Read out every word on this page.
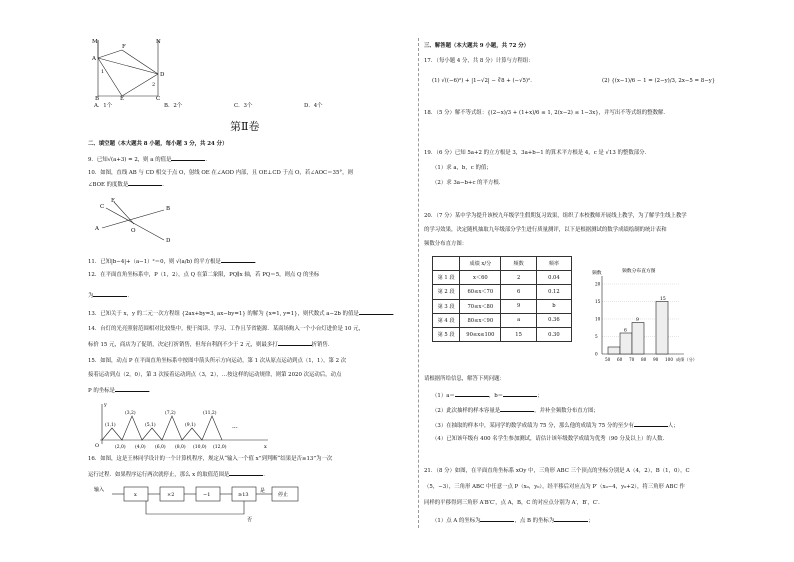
M	N
A
F
D
1
2
B	E	C
A．1个	B．2个	C．3个	D．4个
第Ⅱ卷
二、填空题（本大题共 8 小题，每小题 3 分，共 24 分）
9．已知√(a+3) = 2，则 a 的值是	．
10．如图，直线 AB 与 CD 相交于点 O，射线 OE 在∠AOD 内部，且 OE⊥CD 于点 O，若∠AOC＝35°，则
∠BOE 的度数是	．
E
B
A	O
C
D
11．已知|b−4|+（a−1）²＝0，则 √(a/b) 的平方根是	．
12．在平面直角坐标系中，P（1，2），点 Q 在第二象限，PQ∥x 轴，若 PQ＝5，则点 Q 的坐标
为	．
13．已知关于 x，y 的二元一次方程组 {2ax+by=3, ax−by=1} 的解为 {x=1, y=1}，则代数式 a−2b 的值是	．
14．台灯的光亮照射范围相对比较集中，便于阅读、学习、工作且节省能源．某商场购入一个小台灯进价是 10 元，
标价 15 元，商店为了促销，决定打折销售，但每台利润不少于 2 元，则最多打	折销售．
15．如图，动点 P 在平面直角坐标系中按图中箭头所示方向运动，第 1 次从原点运动到点（1，1），第 2 次
接着运动到点（2，0），第 3 次接着运动到点（3，2），…按这样的运动规律，则第 2020 次运动后，动点
P 的坐标是	．
y
x
O
(1,1)
(3,2)
(5,1)
(7,2)
(9,1)
(11,2)
···
(2,0) (4,0) (6,0) (8,0) (10,0) (12,0)
16．如图，这是王林同学设计的一个计算机程序，规定从“输入一个值 x”到判断“结果是否≥13”为一次
运行过程．如果程序运行两次就停止，那么 x 的取值范围是	．
输入
x	×2	−1	≥13
是
停止
否
三、解答题（本大题共 9 小题，共 72 分）
17．（每小题 4 分，共 8 分）计算与方程组：
(1) √((−6)²) + |1−√2| − ∛8 + (−√5)²．	(2) {(x−1)/6 − 1 = (2−y)/3, 2x−5 = 8−y}
18．（5 分）解不等式组：{(2−x)/3 + (1+x)/6 ≤ 1, 2(x−2) ≤ 1−3x}，并写出不等式组的整数解．
19．（6 分）已知 5a+2 的立方根是 3，3a+b−1 的算术平方根是 4，c 是 √13 的整数部分．
（1）求 a，b，c 的值；
（2）求 3a−b+c 的平方根．
20．（7 分）某中学为提升该校九年级学生假期复习效果，组织了本校教师开展线上教学，为了解学生线上教学
的学习效果，决定随机抽取九年级部分学生进行质量测评，以下是根据测试的数学成绩绘制的统计表和
频数分布直方图：
	成绩 x/分	频数	频率
第 1 段	x＜60	2	0.04
第 2 段	60≤x＜70	6	0.12
第 3 段	70≤x＜80	9	b
第 4 段	80≤x＜90	a	0.36
第 5 段	90≤x≤100	15	0.30
0
5
10
15
20
6
9
15
50 60 70 80 90 100
频数	频数分布直方图
成绩（分）
请根据所给信息，解答下列问题：
（1）a＝	，b＝	；
（2）此次抽样的样本容量是	，并补全频数分布直方图；
（3）在抽取的样本中，某同学的数学成绩为 75 分，那么他的成绩为 75 分的至少有	人；
（4）已知该年级有 400 名学生参加测试，请估计该年级数学成绩为优秀（90 分及以上）的人数．
21．（8 分）如图，在平面直角坐标系 xOy 中，三角形 ABC 三个顶点的坐标分别是 A（4，2），B（1，0），C
（5，−3），三角形 ABC 中任意一点 P（x₀，y₀），经平移后对应点为 P′（x₀−4，y₀+2），将三角形 ABC 作
同样的平移得到三角形 A′B′C′，点 A，B，C 的对应点分别为 A′，B′，C′．
（1）点 A 的坐标为	，点 B 的坐标为	；
